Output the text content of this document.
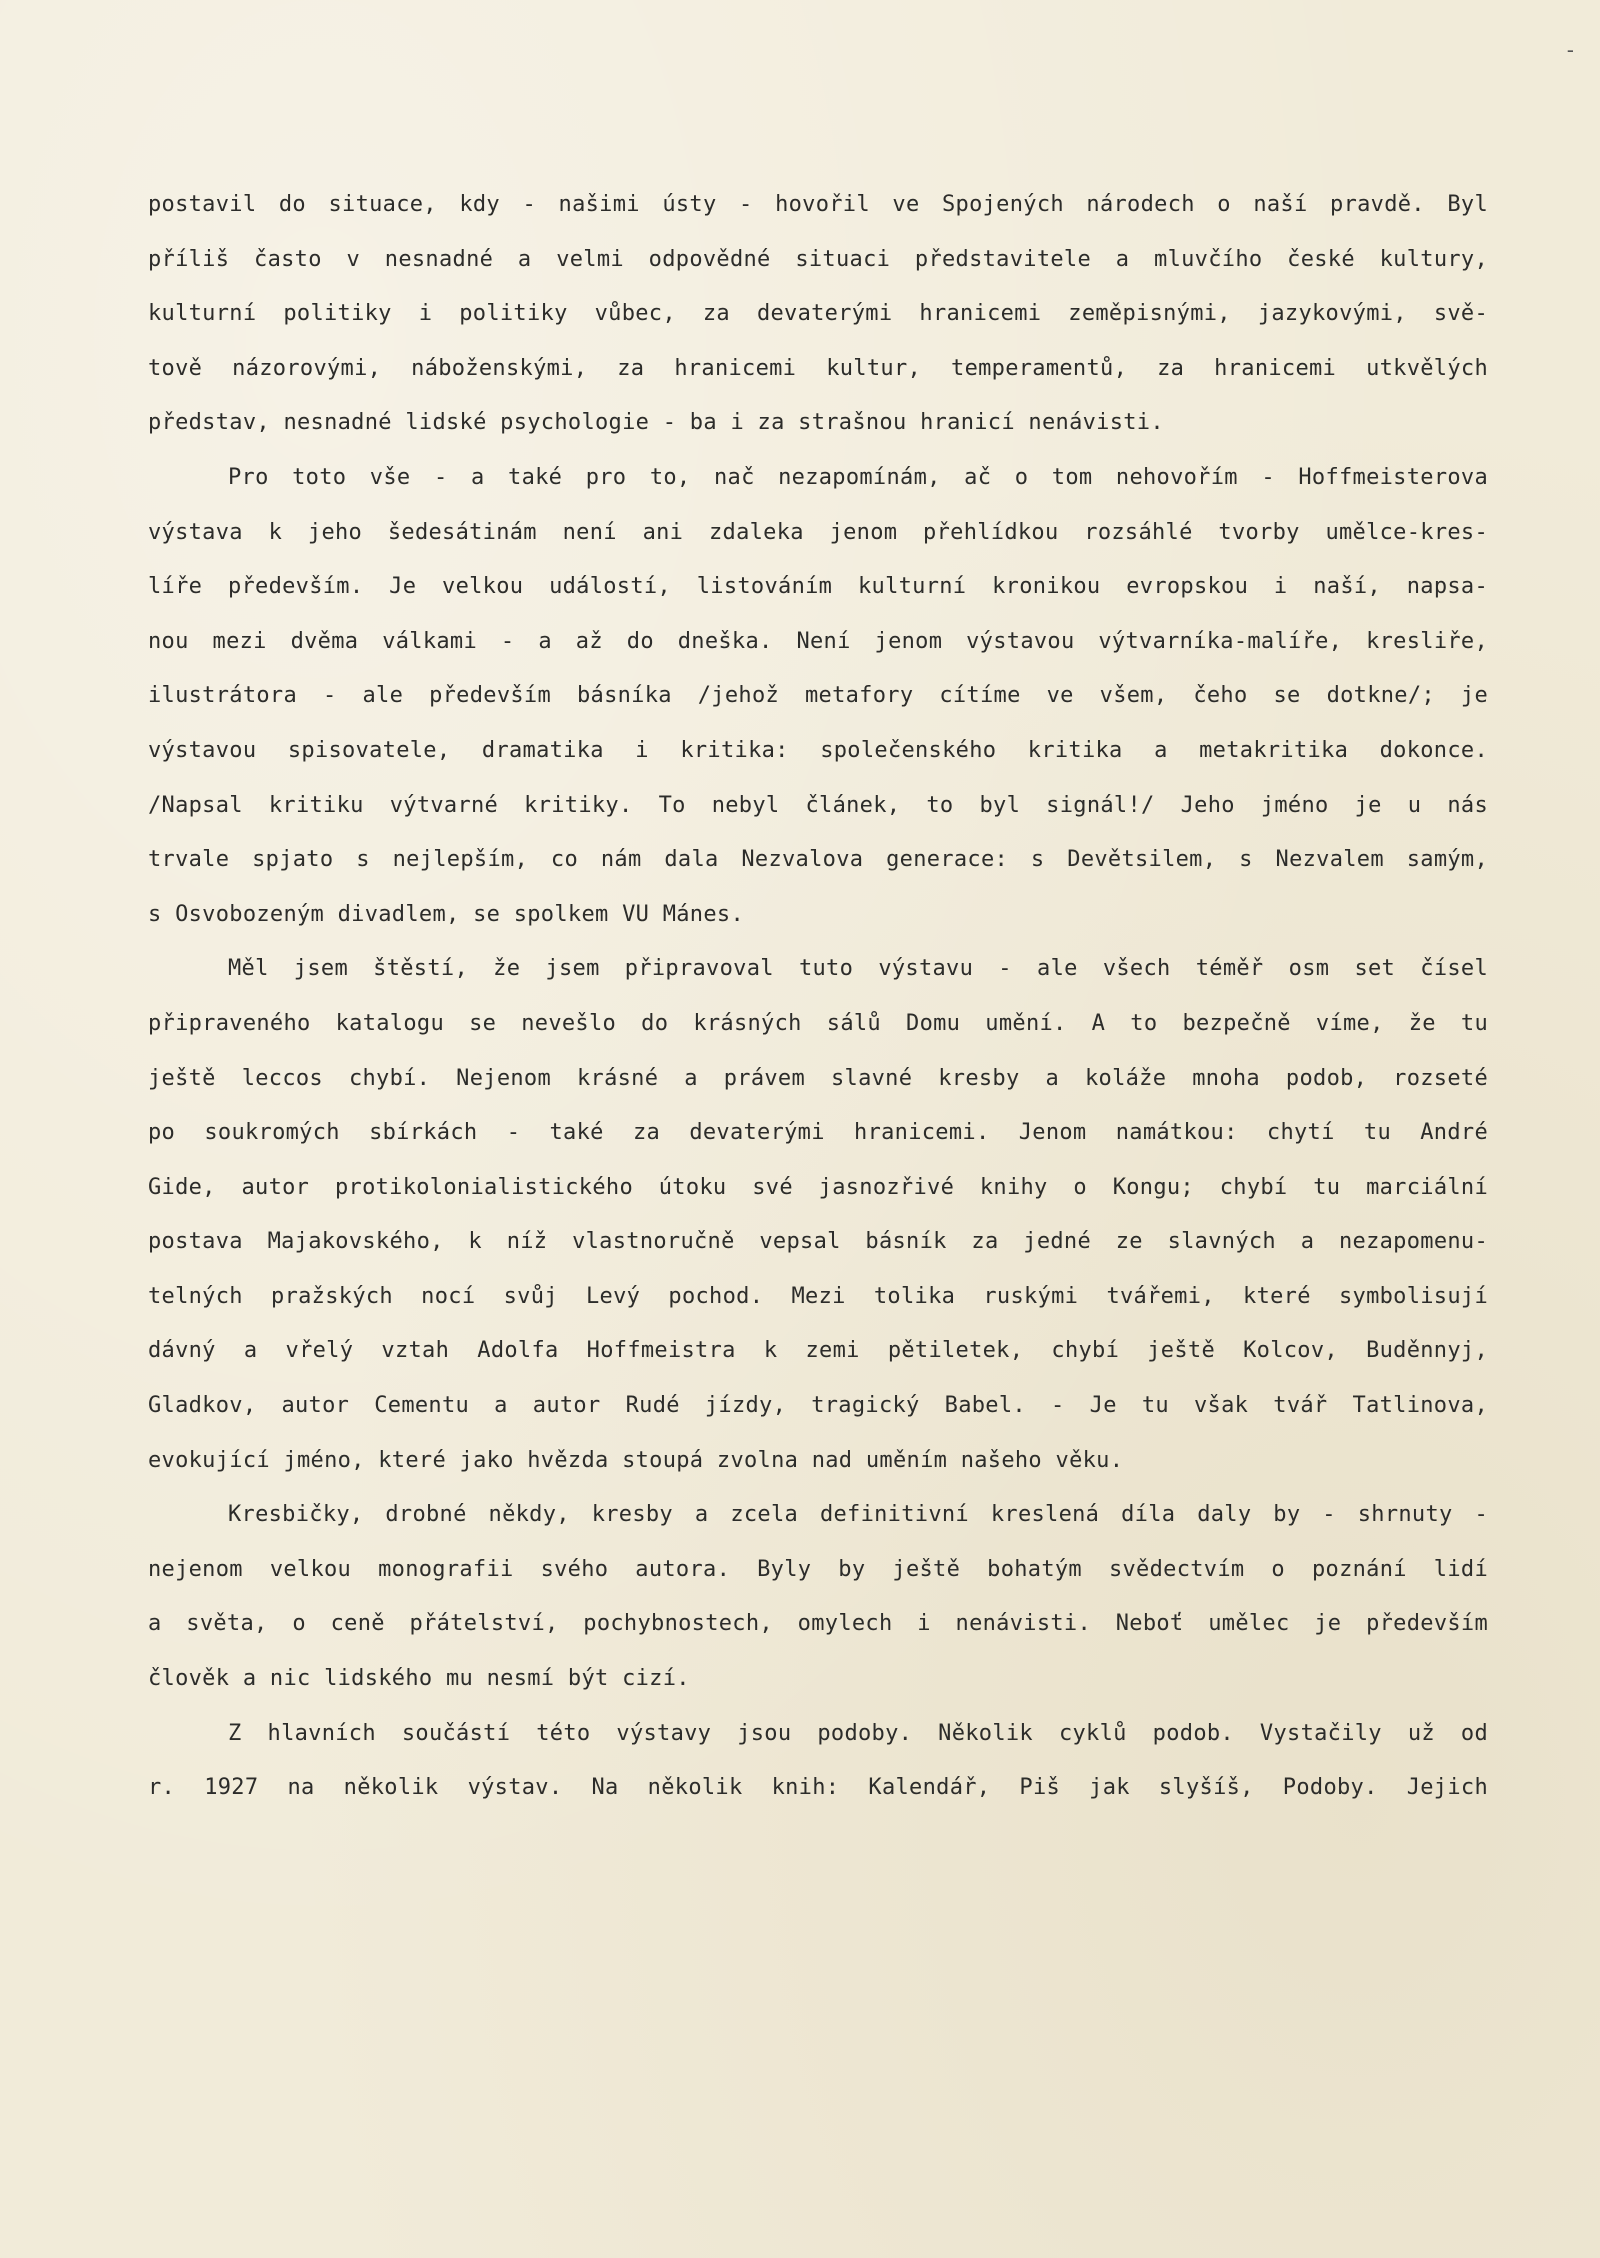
-
postavil do situace, kdy - našimi ústy - hovořil ve Spojených národech o naší pravdě. Byl
příliš často v nesnadné a velmi odpovědné situaci představitele a mluvčího české kultury,
kulturní politiky i politiky vůbec, za devaterými hranicemi zeměpisnými, jazykovými, svě-
tově názorovými, náboženskými, za hranicemi kultur, temperamentů, za hranicemi utkvělých
představ, nesnadné lidské psychologie - ba i za strašnou hranicí nenávisti.
Pro toto vše - a také pro to, nač nezapomínám, ač o tom nehovořím - Hoffmeisterova
výstava k jeho šedesátinám není ani zdaleka jenom přehlídkou rozsáhlé tvorby umělce-kres-
líře především. Je velkou událostí, listováním kulturní kronikou evropskou i naší, napsa-
nou mezi dvěma válkami - a až do dneška. Není jenom výstavou výtvarníka-malíře, kresliře,
ilustrátora - ale především básníka /jehož metafory cítíme ve všem, čeho se dotkne/; je
výstavou spisovatele, dramatika i kritika: společenského kritika a metakritika dokonce.
/Napsal kritiku výtvarné kritiky. To nebyl článek, to byl signál!/ Jeho jméno je u nás
trvale spjato s nejlepším, co nám dala Nezvalova generace: s Devětsilem, s Nezvalem samým,
s Osvobozeným divadlem, se spolkem VU Mánes.
Měl jsem štěstí, že jsem připravoval tuto výstavu - ale všech téměř osm set čísel
připraveného katalogu se nevešlo do krásných sálů Domu umění. A to bezpečně víme, že tu
ještě leccos chybí. Nejenom krásné a právem slavné kresby a koláže mnoha podob, rozseté
po soukromých sbírkách - také za devaterými hranicemi. Jenom namátkou: chytí tu André
Gide, autor protikolonialistického útoku své jasnozřivé knihy o Kongu; chybí tu marciální
postava Majakovského, k níž vlastnoručně vepsal básník za jedné ze slavných a nezapomenu-
telných pražských nocí svůj Levý pochod. Mezi tolika ruskými tvářemi, které symbolisují
dávný a vřelý vztah Adolfa Hoffmeistra k zemi pětiletek, chybí ještě Kolcov, Buděnnyj,
Gladkov, autor Cementu a autor Rudé jízdy, tragický Babel. - Je tu však tvář Tatlinova,
evokující jméno, které jako hvězda stoupá zvolna nad uměním našeho věku.
Kresbičky, drobné někdy, kresby a zcela definitivní kreslená díla daly by - shrnuty -
nejenom velkou monografii svého autora. Byly by ještě bohatým svědectvím o poznání lidí
a světa, o ceně přátelství, pochybnostech, omylech i nenávisti. Neboť umělec je především
člověk a nic lidského mu nesmí být cizí.
Z hlavních součástí této výstavy jsou podoby. Několik cyklů podob. Vystačily už od
r. 1927 na několik výstav. Na několik knih: Kalendář, Piš jak slyšíš, Podoby. Jejich
